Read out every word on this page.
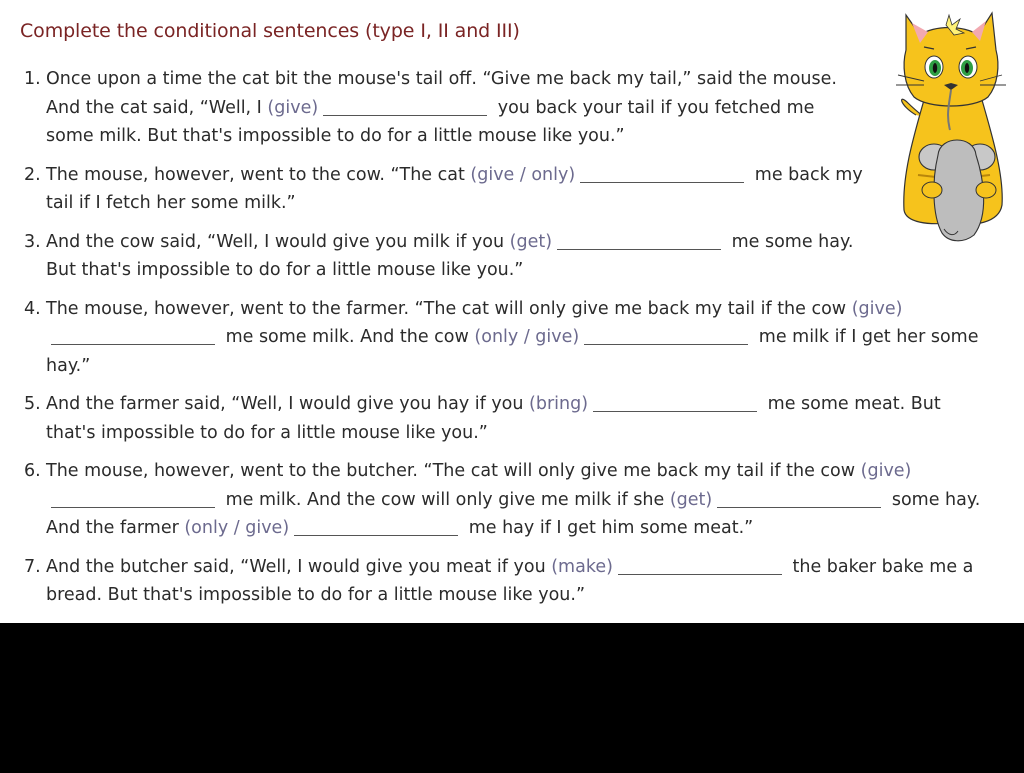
Complete the conditional sentences (type I, II and III)
1. Once upon a time the cat bit the mouse's tail off. “Give me back my tail,” said the mouse.
And the cat said, “Well, I (give)	you back your tail if you fetched me
some milk. But that's impossible to do for a little mouse like you.”
2. The mouse, however, went to the cow. “The cat (give / only)	me back my
tail if I fetch her some milk.”
3. And the cow said, “Well, I would give you milk if you (get)	me some hay.
But that's impossible to do for a little mouse like you.”
4. The mouse, however, went to the farmer. “The cat will only give me back my tail if the cow (give)
me some milk. And the cow (only / give)	me milk if I get her some
hay.”
5. And the farmer said, “Well, I would give you hay if you (bring)	me some meat. But
that's impossible to do for a little mouse like you.”
6. The mouse, however, went to the butcher. “The cat will only give me back my tail if the cow (give)
me milk. And the cow will only give me milk if she (get)	some hay.
And the farmer (only / give)	me hay if I get him some meat.”
7. And the butcher said, “Well, I would give you meat if you (make)	the baker bake me a
bread. But that's impossible to do for a little mouse like you.”
